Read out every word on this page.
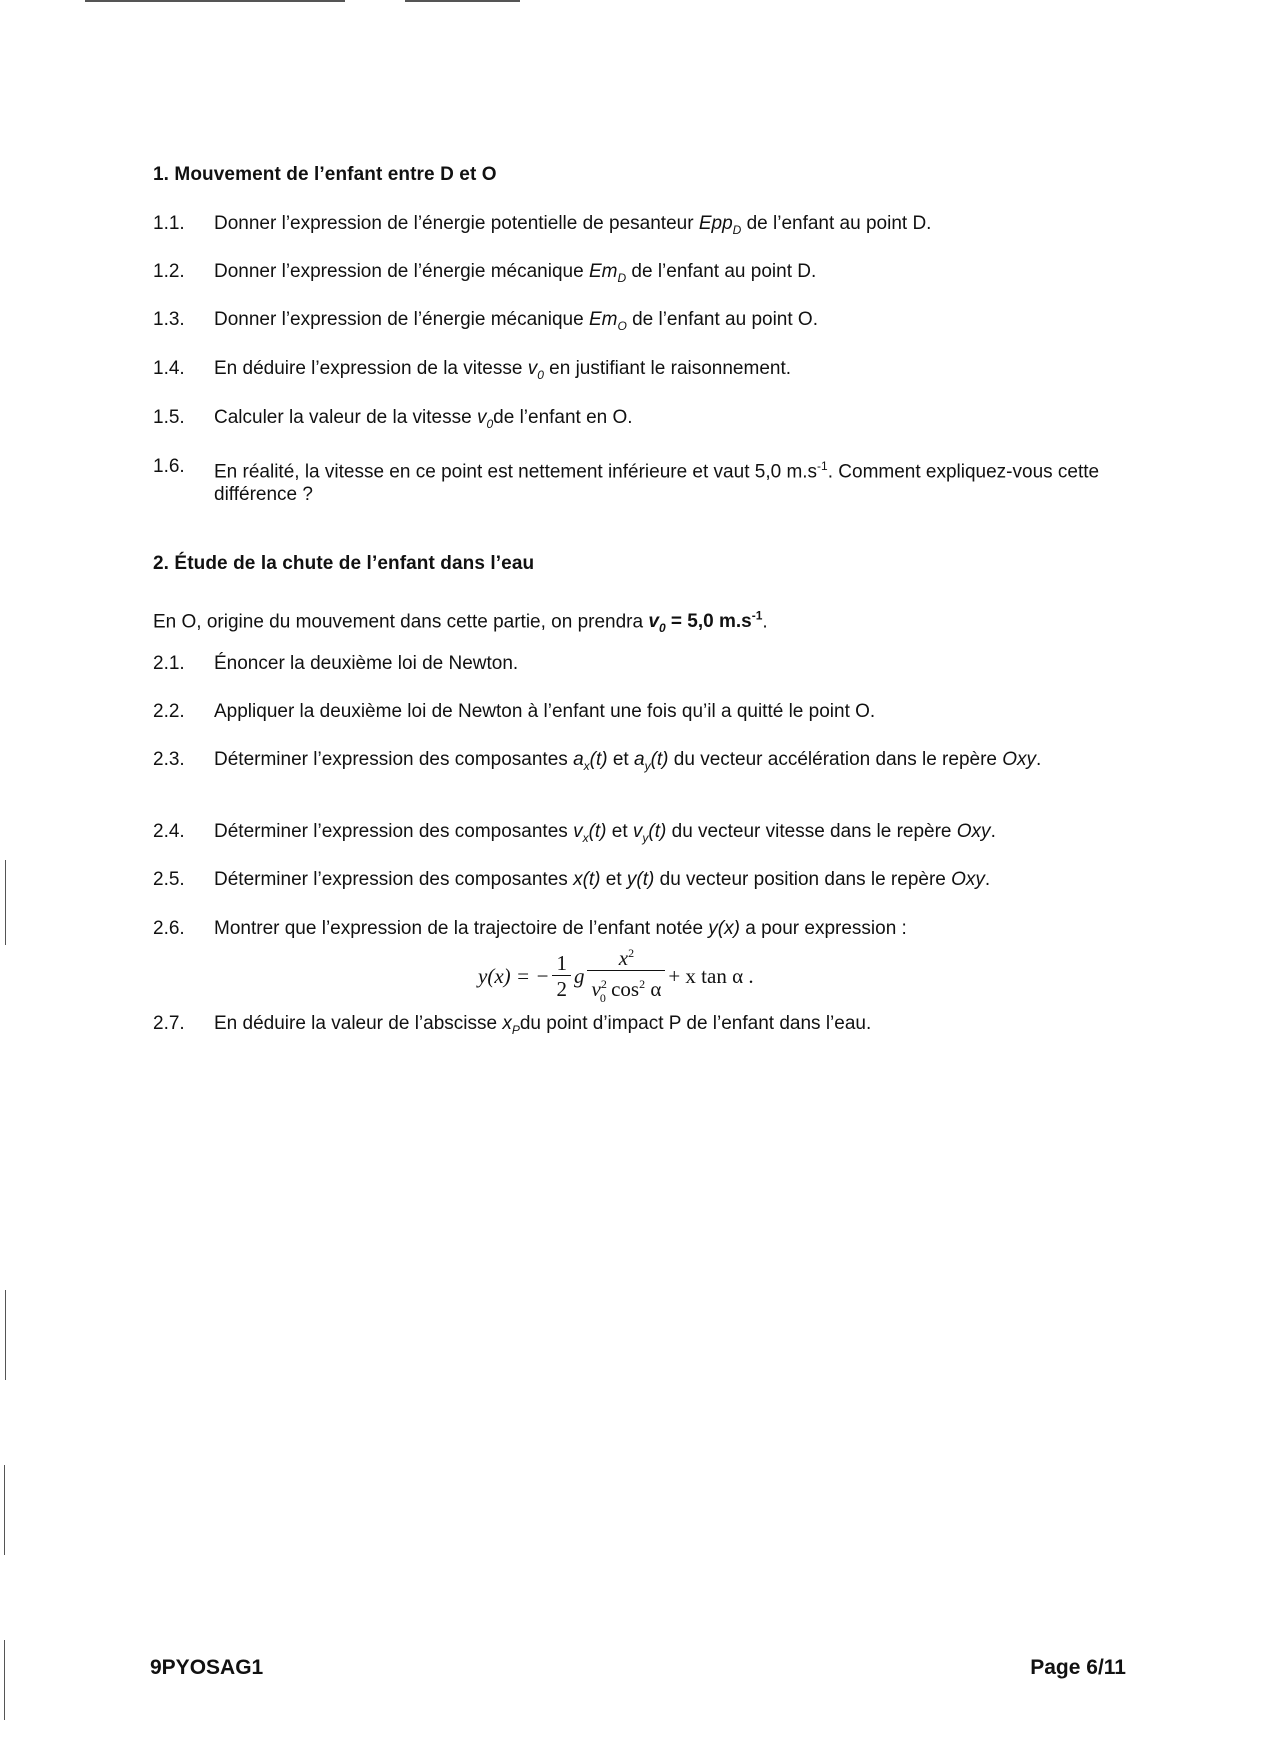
1. Mouvement de l’enfant entre D et O
1.1.	Donner l’expression de l’énergie potentielle de pesanteur Epp$_D$ de l’enfant au point D.
1.2.	Donner l’expression de l’énergie mécanique $Em_D$ de l’enfant au point D.
1.3.	Donner l’expression de l’énergie mécanique $Em_O$ de l’enfant au point O.
1.4.	En déduire l’expression de la vitesse $v_0$ en justifiant le raisonnement.
1.5.	Calculer la valeur de la vitesse $v_0de$ l’enfant en O.
1.6.	En réalité, la vitesse en ce point est nettement inférieure et vaut 5,0 $m.s^{-1}$. Comment expliquez-vous cette différence ?
2. Étude de la chute de l’enfant dans l’eau
En O, origine du mouvement dans cette partie, on prendra $v_0 = 5,0$ $m.s^{-1}$.
2.1.	Énoncer la deuxième loi de Newton.
2.2.	Appliquer la deuxième loi de Newton à l’enfant une fois qu’il a quitté le point O.
2.3.	Déterminer l’expression des composantes $a_x(t)$ et $a_y(t)$ du vecteur accélération dans le repère Oxy.
2.4.	Déterminer l’expression des composantes $v_x(t)$ et $v_y(t)$ du vecteur vitesse dans le repère Oxy.
2.5.	Déterminer l’expression des composantes x(t) et y(t) du vecteur position dans le repère Oxy.
2.6.	Montrer que l’expression de la trajectoire de l’enfant notée y(x) a pour expression :
y(x) = − $\frac{1}{2}$ g $\frac{x^2}{v^2_0 \cos^2 \alpha} + x$ tan α .
2.7.	En déduire la valeur de l’abscisse $x_Pdu$ point d’impact P de l’enfant dans l’eau.
9PYOSAG1	Page 6/11
